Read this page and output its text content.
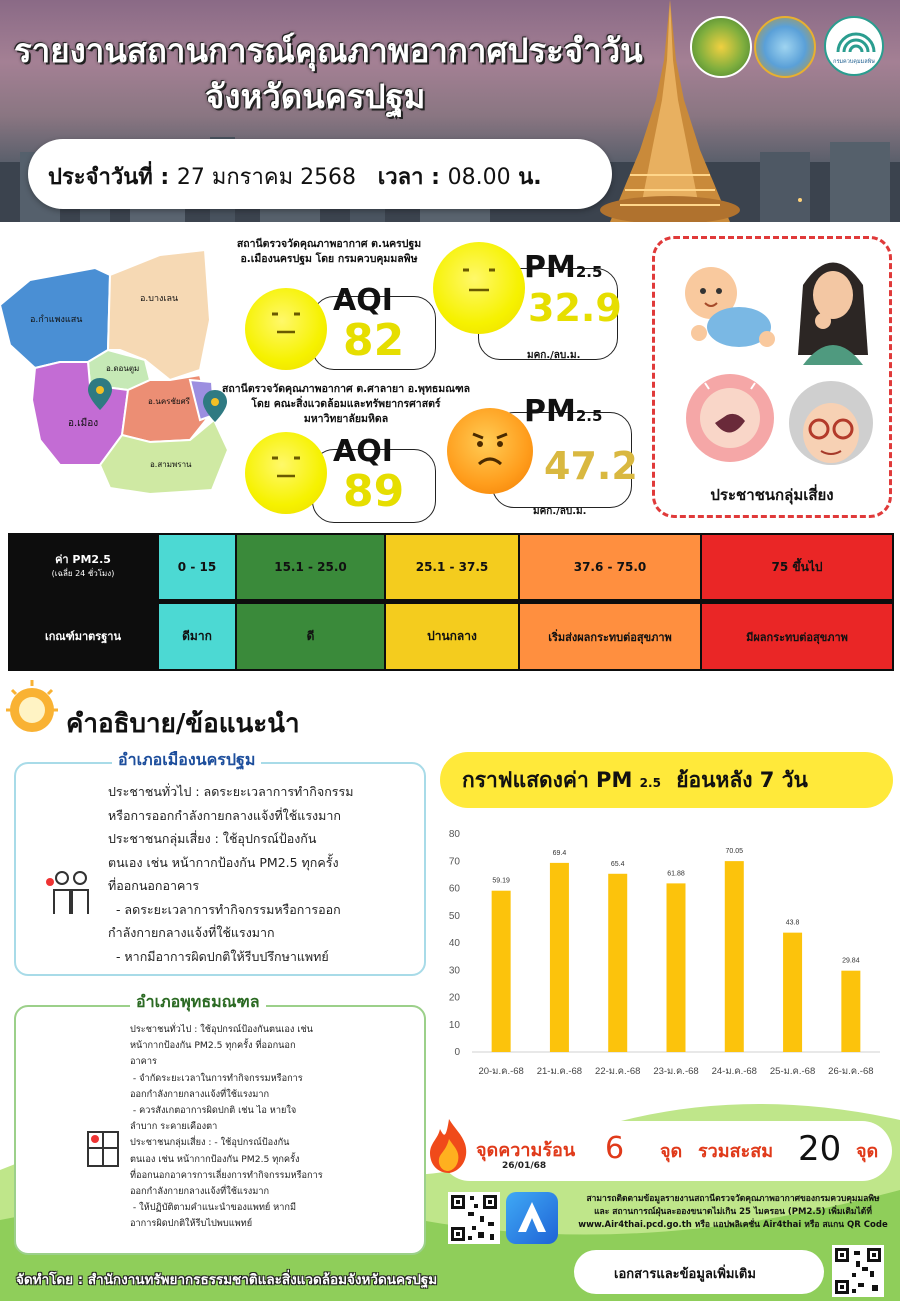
รายงานสถานการณ์คุณภาพอากาศประจำวัน
จังหวัดนครปฐม
กรมควบคุมมลพิษ
ประจำวันที่ : 27 มกราคม 2568 เวลา : 08.00 น.
อ.กำแพงแสน
อ.บางเลน
อ.ดอนตูม
อ.นครชัยศรี
อ.เมือง
อ.สามพราน
สถานีตรวจวัดคุณภาพอากาศ ต.นครปฐม
อ.เมืองนครปฐม โดย กรมควบคุมมลพิษ
AQI
82
PM2.5
32.9
มคก./ลบ.ม.
สถานีตรวจวัดคุณภาพอากาศ ต.ศาลายา อ.พุทธมณฑล
โดย คณะสิ่งแวดล้อมและทรัพยากรศาสตร์
มหาวิทยาลัยมหิดล
AQI
89
PM2.5
47.2
มคก./ลบ.ม.
ประชาชนกลุ่มเสี่ยง
ค่า PM2.5
(เฉลี่ย 24 ชั่วโมง)
เกณฑ์มาตรฐาน
0 - 15	15.1 - 25.0	25.1 - 37.5	37.6 - 75.0	75 ขึ้นไป
ดีมาก	ดี	ปานกลาง	เริ่มส่งผลกระทบต่อสุขภาพ	มีผลกระทบต่อสุขภาพ
คำอธิบาย/ข้อแนะนำ
อำเภอเมืองนครปฐม
ประชาชนทั่วไป : ลดระยะเวลาการทำกิจกรรม
หรือการออกกำลังกายกลางแจ้งที่ใช้แรงมาก
ประชาชนกลุ่มเสี่ยง : ใช้อุปกรณ์ป้องกัน
ตนเอง เช่น หน้ากากป้องกัน PM2.5 ทุกครั้ง
ที่ออกนอกอาคาร
- ลดระยะเวลาการทำกิจกรรมหรือการออก
กำลังกายกลางแจ้งที่ใช้แรงมาก
- หากมีอาการผิดปกติให้รีบปรึกษาแพทย์
อำเภอพุทธมณฑล
ประชาชนทั่วไป : ใช้อุปกรณ์ป้องกันตนเอง เช่น
หน้ากากป้องกัน PM2.5 ทุกครั้ง ที่ออกนอก
อาคาร
- จำกัดระยะเวลาในการทำกิจกรรมหรือการ
ออกกำลังกายกลางแจ้งที่ใช้แรงมาก
- ควรสังเกตอาการผิดปกติ เช่น ไอ หายใจ
ลำบาก ระคายเคืองตา
ประชาชนกลุ่มเสี่ยง : - ใช้อุปกรณ์ป้องกัน
ตนเอง เช่น หน้ากากป้องกัน PM2.5 ทุกครั้ง
ที่ออกนอกอาคารการเลี่ยงการทำกิจกรรมหรือการ
ออกกำลังกายกลางแจ้งที่ใช้แรงมาก
- ให้ปฏิบัติตามคำแนะนำของแพทย์ หากมี
อาการผิดปกติให้รีบไปพบแพทย์
กราฟแสดงค่า PM 2.5 ย้อนหลัง 7 วัน
0
10
20
30
40
50
60
70
80
59.19
20-ม.ค.-68
69.4
21-ม.ค.-68
65.4
22-ม.ค.-68
61.88
23-ม.ค.-68
70.05
24-ม.ค.-68
43.8
25-ม.ค.-68
29.84
26-ม.ค.-68
จุดความร้อน
26/01/68 6 จุด รวมสะสม 20 จุด
สามารถติดตามข้อมูลรายงานสถานีตรวจวัดคุณภาพอากาศของกรมควบคุมมลพิษ
และ สถานการณ์ฝุ่นละอองขนาดไม่เกิน 25 ไมครอน (PM2.5) เพิ่มเติมได้ที่
www.Air4thai.pcd.go.th หรือ แอปพลิเคชั่น Air4thai หรือ สแกน QR Code
เอกสารและข้อมูลเพิ่มเติม
จัดทำโดย : สำนักงานทรัพยากรธรรมชาติและสิ่งแวดล้อมจังหวัดนครปฐม
